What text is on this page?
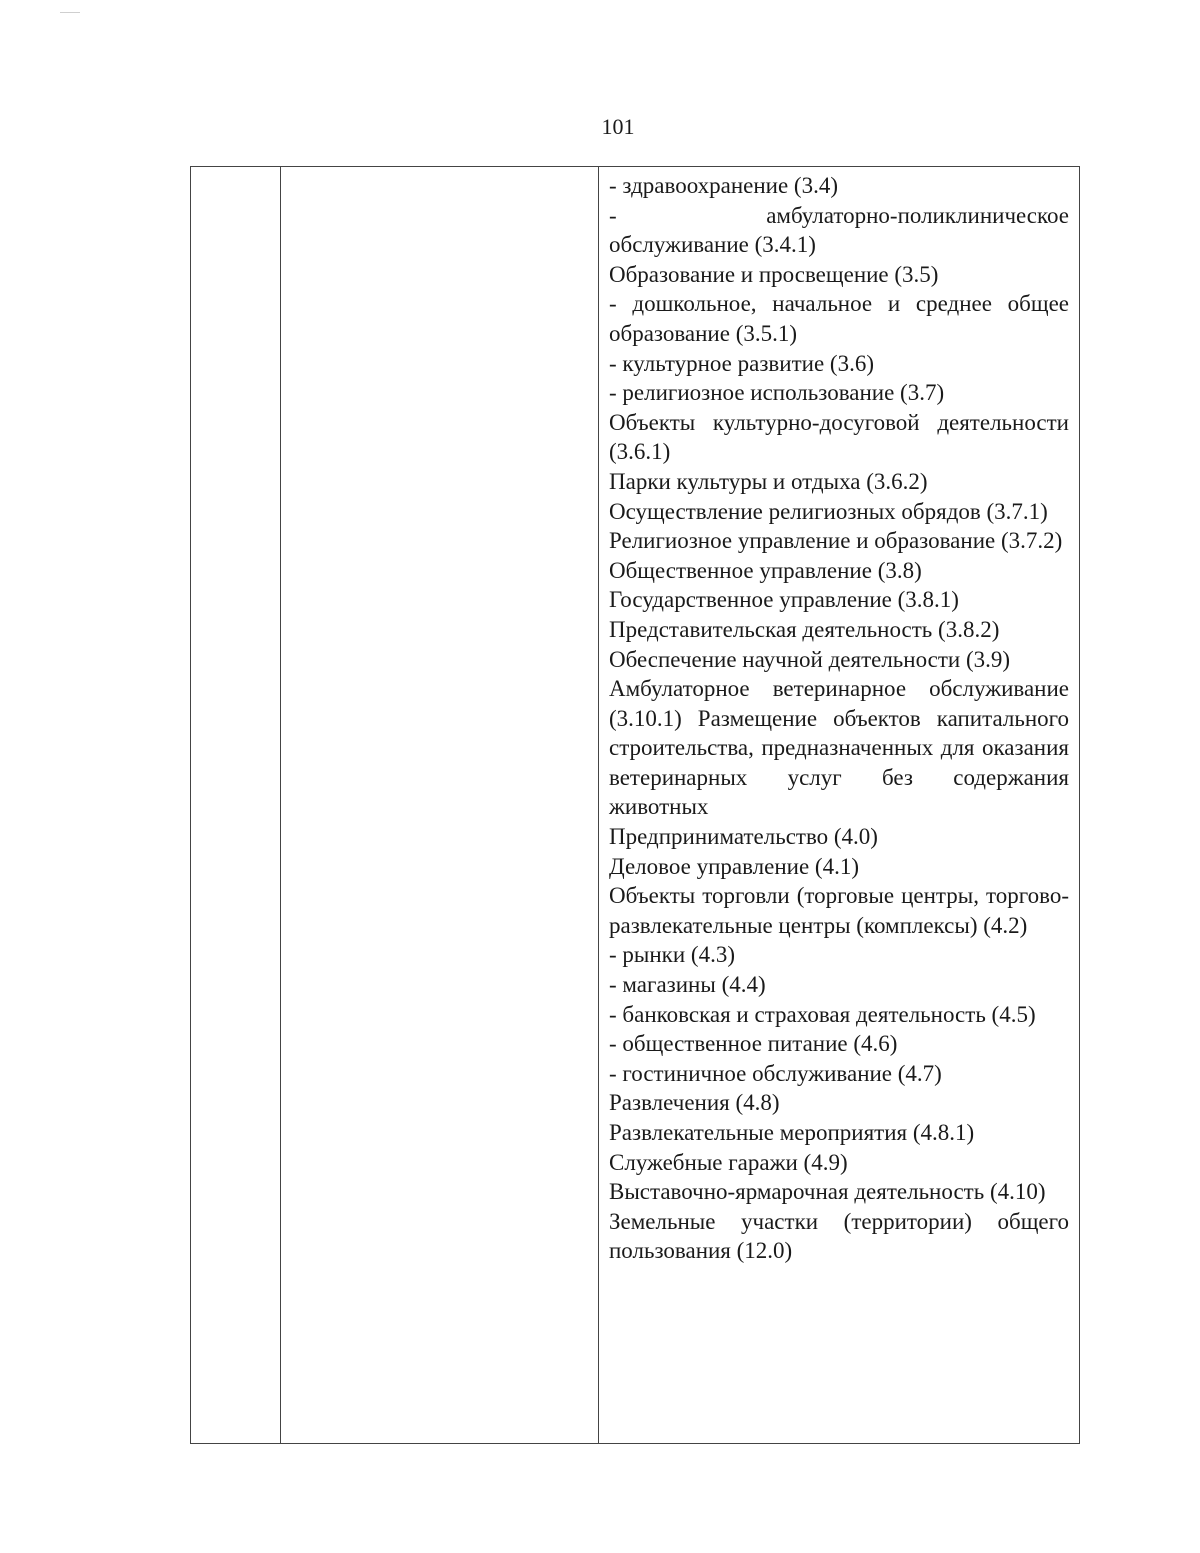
101

- здравоохранение (3.4)
- амбулаторно-поликлиническое обслуживание (3.4.1)
Образование и просвещение (3.5)
- дошкольное, начальное и среднее общее образование (3.5.1)
- культурное развитие (3.6)
- религиозное использование (3.7)
Объекты культурно-досуговой деятельности (3.6.1)
Парки культуры и отдыха (3.6.2)
Осуществление религиозных обрядов (3.7.1)
Религиозное управление и образование (3.7.2)
Общественное управление (3.8)
Государственное управление (3.8.1)
Представительская деятельность (3.8.2)
Обеспечение научной деятельности (3.9)
Амбулаторное ветеринарное обслуживание (3.10.1) Размещение объектов капитального строительства, предназначенных для оказания ветеринарных услуг без содержания животных
Предпринимательство (4.0)
Деловое управление (4.1)
Объекты торговли (торговые центры, торгово-развлекательные центры (комплексы) (4.2)
- рынки (4.3)
- магазины (4.4)
- банковская и страховая деятельность (4.5)
- общественное питание (4.6)
- гостиничное обслуживание (4.7)
Развлечения (4.8)
Развлекательные мероприятия (4.8.1)
Служебные гаражи (4.9)
Выставочно-ярмарочная деятельность (4.10)
Земельные участки (территории) общего пользования (12.0)
